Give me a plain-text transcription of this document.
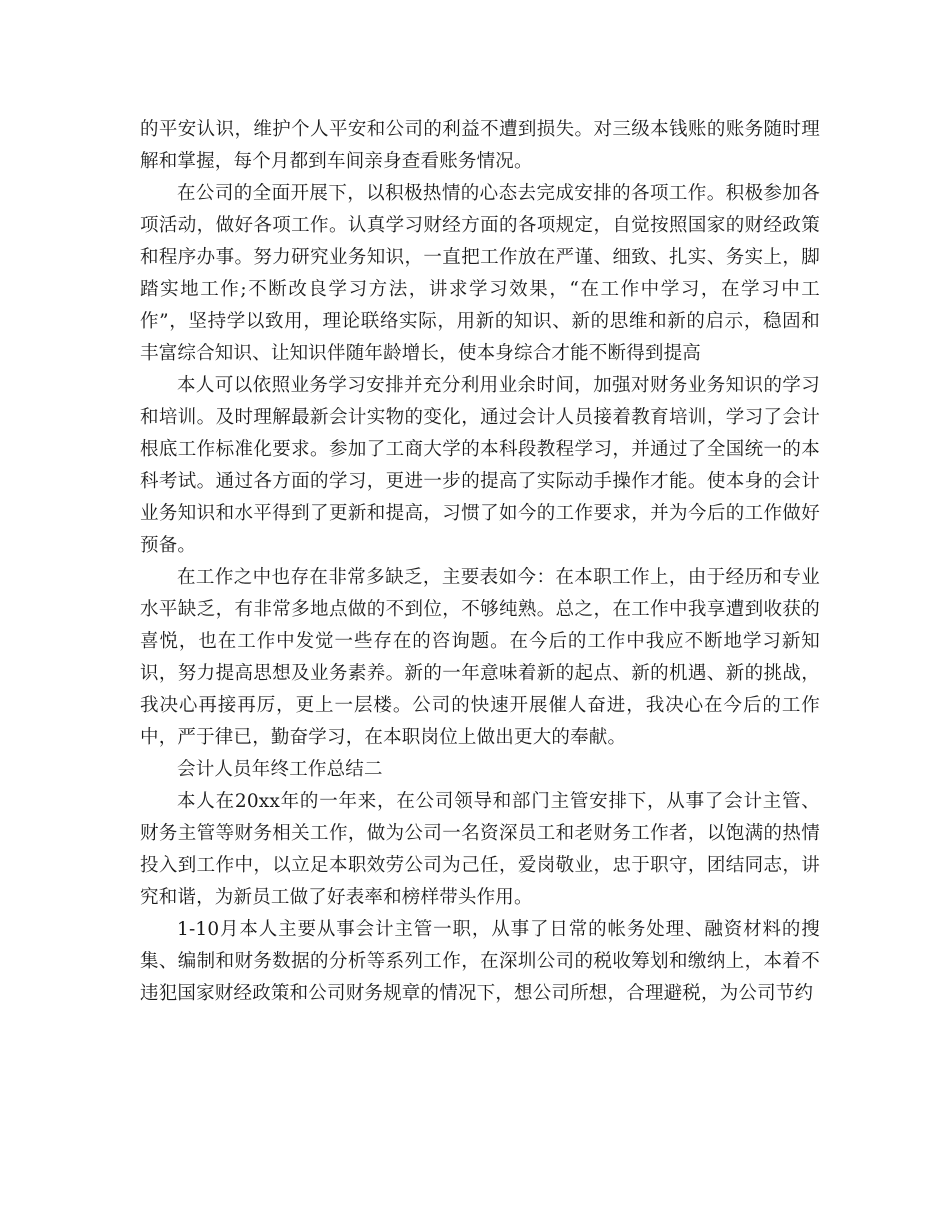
的平安认识，维护个人平安和公司的利益不遭到损失。对三级本钱账的账务随时理解和掌握，每个月都到车间亲身查看账务情况。

在公司的全面开展下，以积极热情的心态去完成安排的各项工作。积极参加各项活动，做好各项工作。认真学习财经方面的各项规定，自觉按照国家的财经政策和程序办事。努力研究业务知识，一直把工作放在严谨、细致、扎实、务实上，脚踏实地工作;不断改良学习方法，讲求学习效果，“在工作中学习，在学习中工作”，坚持学以致用，理论联络实际，用新的知识、新的思维和新的启示，稳固和丰富综合知识、让知识伴随年龄增长，使本身综合才能不断得到提高

本人可以依照业务学习安排并充分利用业余时间，加强对财务业务知识的学习和培训。及时理解最新会计实物的变化，通过会计人员接着教育培训，学习了会计根底工作标准化要求。参加了工商大学的本科段教程学习，并通过了全国统一的本科考试。通过各方面的学习，更进一步的提高了实际动手操作才能。使本身的会计业务知识和水平得到了更新和提高，习惯了如今的工作要求，并为今后的工作做好预备。

在工作之中也存在非常多缺乏，主要表如今：在本职工作上，由于经历和专业水平缺乏，有非常多地点做的不到位，不够纯熟。总之，在工作中我享遭到收获的喜悦，也在工作中发觉一些存在的咨询题。在今后的工作中我应不断地学习新知识，努力提高思想及业务素养。新的一年意味着新的起点、新的机遇、新的挑战，我决心再接再厉，更上一层楼。公司的快速开展催人奋进，我决心在今后的工作中，严于律已，勤奋学习，在本职岗位上做出更大的奉献。

会计人员年终工作总结二

本人在20xx年的一年来，在公司领导和部门主管安排下，从事了会计主管、财务主管等财务相关工作，做为公司一名资深员工和老财务工作者，以饱满的热情投入到工作中，以立足本职效劳公司为己任，爱岗敬业，忠于职守，团结同志，讲究和谐，为新员工做了好表率和榜样带头作用。

1-10月本人主要从事会计主管一职，从事了日常的帐务处理、融资材料的搜集、编制和财务数据的分析等系列工作，在深圳公司的税收筹划和缴纳上，本着不违犯国家财经政策和公司财务规章的情况下，想公司所想，合理避税，为公司节约
